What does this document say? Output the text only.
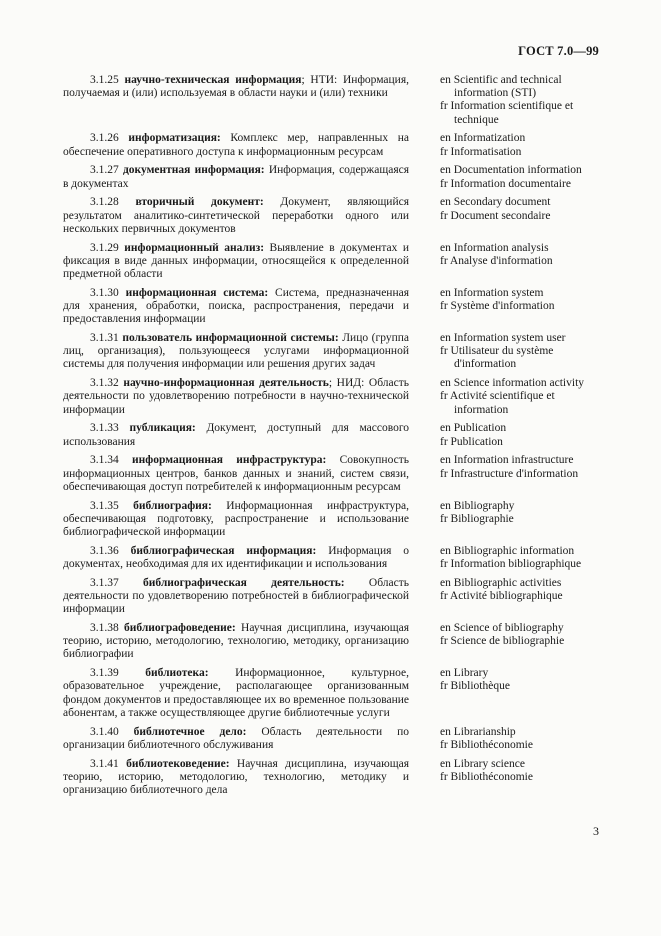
ГОСТ 7.0—99
3.1.25 научно-техническая информация; НТИ: Информация, получаемая и (или) используемая в области науки и (или) техники
en Scientific and technical information (STI)
fr Information scientifique et technique
3.1.26 информатизация: Комплекс мер, направленных на обеспечение оперативного доступа к информационным ресурсам
en Informatization
fr Informatisation
3.1.27 документная информация: Информация, содержащаяся в документах
en Documentation information
fr Information documentaire
3.1.28 вторичный документ: Документ, являющийся результатом аналитико-синтетической переработки одного или нескольких первичных документов
en Secondary document
fr Document secondaire
3.1.29 информационный анализ: Выявление в документах и фиксация в виде данных информации, относящейся к определенной предметной области
en Information analysis
fr Analyse d'information
3.1.30 информационная система: Система, предназначенная для хранения, обработки, поиска, распространения, передачи и предоставления информации
en Information system
fr Système d'information
3.1.31 пользователь информационной системы: Лицо (группа лиц, организация), пользующееся услугами информационной системы для получения информации или решения других задач
en Information system user
fr Utilisateur du système d'information
3.1.32 научно-информационная деятельность; НИД: Область деятельности по удовлетворению потребности в научно-технической информации
en Science information activity
fr Activité scientifique et information
3.1.33 публикация: Документ, доступный для массового использования
en Publication
fr Publication
3.1.34 информационная инфраструктура: Совокупность информационных центров, банков данных и знаний, систем связи, обеспечивающая доступ потребителей к информационным ресурсам
en Information infrastructure
fr Infrastructure d'information
3.1.35 библиография: Информационная инфраструктура, обеспечивающая подготовку, распространение и использование библиографической информации
en Bibliography
fr Bibliographie
3.1.36 библиографическая информация: Информация о документах, необходимая для их идентификации и использования
en Bibliographic information
fr Information bibliographique
3.1.37 библиографическая деятельность: Область деятельности по удовлетворению потребностей в библиографической информации
en Bibliographic activities
fr Activité bibliographique
3.1.38 библиографоведение: Научная дисциплина, изучающая теорию, историю, методологию, технологию, методику, организацию библиографии
en Science of bibliography
fr Science de bibliographie
3.1.39 библиотека: Информационное, культурное, образовательное учреждение, располагающее организованным фондом документов и предоставляющее их во временное пользование абонентам, а также осуществляющее другие библиотечные услуги
en Library
fr Bibliothèque
3.1.40 библиотечное дело: Область деятельности по организации библиотечного обслуживания
en Librarianship
fr Bibliothéconomie
3.1.41 библиотековедение: Научная дисциплина, изучающая теорию, историю, методологию, технологию, методику и организацию библиотечного дела
en Library science
fr Bibliothéconomie
3
